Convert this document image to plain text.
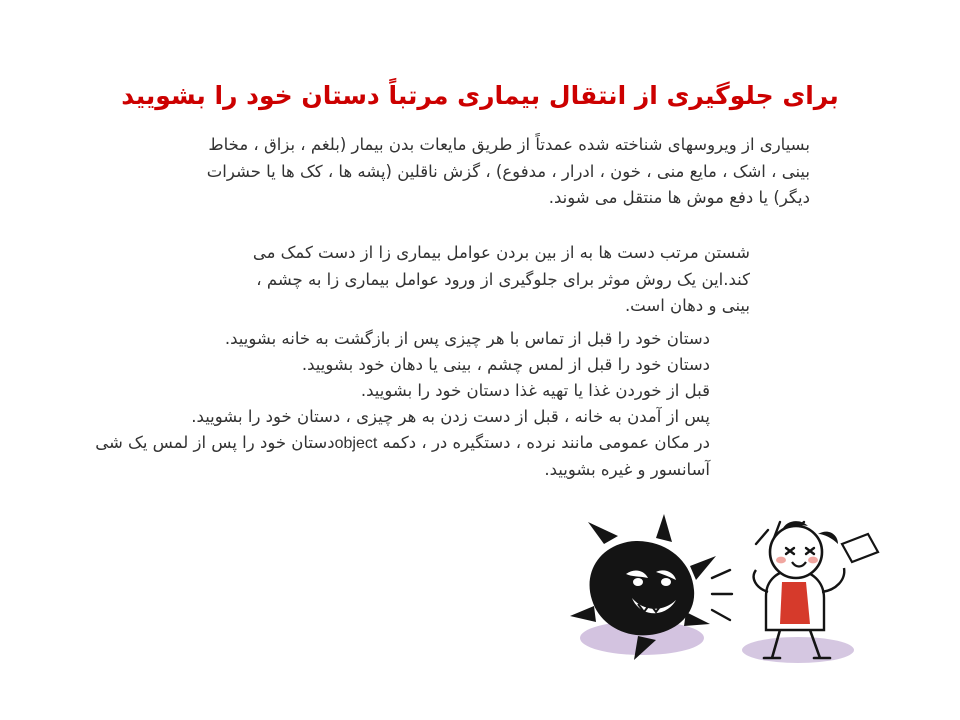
برای جلوگیری از انتقال بیماری مرتباً دستان خود را بشویید
بسیاری از ویروسهای شناخته شده عمدتاً از طریق مایعات بدن بیمار (بلغم ، بزاق ، مخاط بینی ، اشک ، مایع منی ، خون ، ادرار ، مدفوع) ، گزش ناقلین (پشه ها ، کک ها یا حشرات دیگر) یا دفع موش ها منتقل می شوند.
شستن مرتب دست ها به از بین بردن عوامل بیماری زا از دست کمک می کند.این یک روش موثر برای جلوگیری از ورود عوامل بیماری زا به چشم ، بینی و دهان است.
دستان خود را قبل از تماس با هر چیزی پس از بازگشت به خانه بشویید.
دستان خود را قبل از لمس چشم ، بینی یا دهان خود بشویید.
قبل از خوردن غذا یا تهیه غذا دستان خود را بشویید.
پس از آمدن به خانه ، قبل از دست زدن به هر چیزی ، دستان خود را بشویید.
در مکان عمومی مانند نرده ، دستگیره در ، دکمه objectدستان خود را پس از لمس یک شی
آسانسور و غیره بشویید.
